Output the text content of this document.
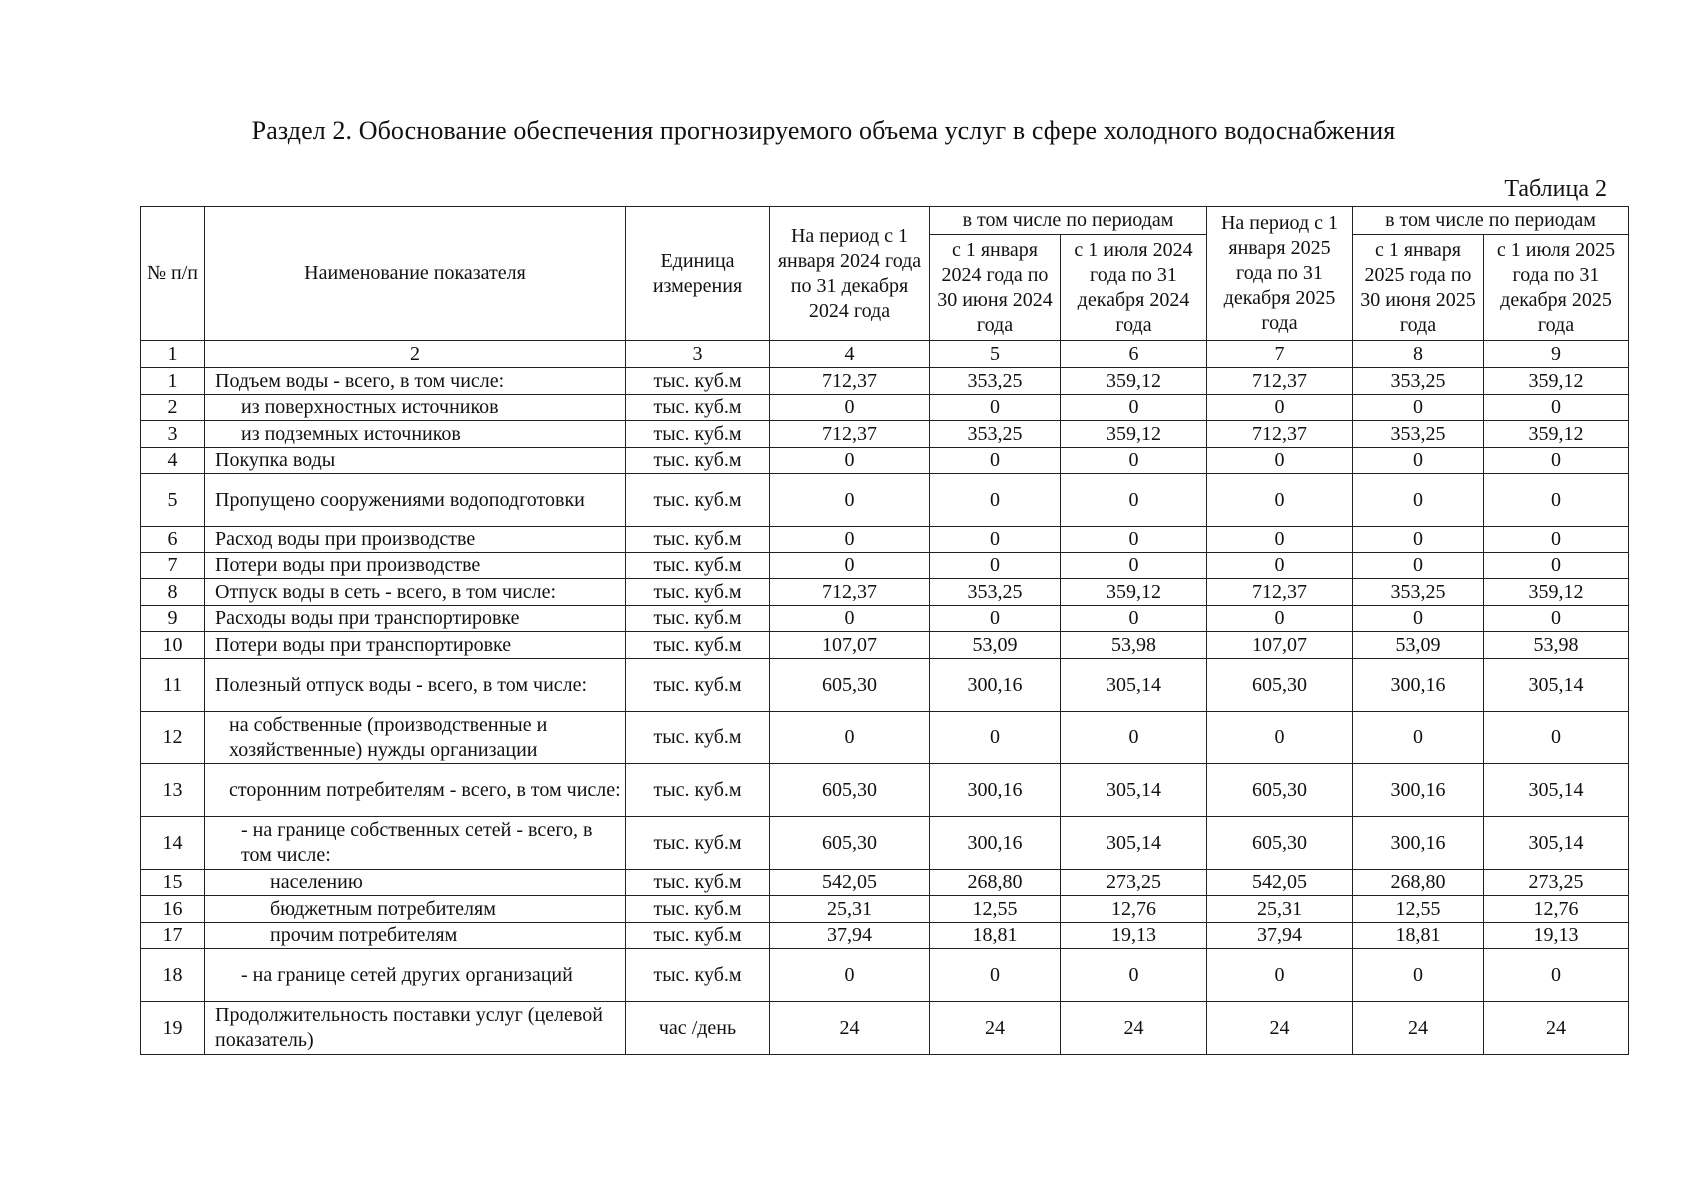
Раздел 2. Обоснование обеспечения прогнозируемого объема услуг в сфере холодного водоснабжения
Таблица 2
№ п/п	Наименование показателя	Единица измерения	На период с 1 января 2024 года по 31 декабря 2024 года	в том числе по периодам		На период с 1 января 2025 года по 31 декабря 2025 года	в том числе по периодам	
				с 1 января 2024 года по 30 июня 2024 года	с 1 июля 2024 года по 31 декабря 2024 года		с 1 января 2025 года по 30 июня 2025 года	с 1 июля 2025 года по 31 декабря 2025 года
1	2	3	4	5	6	7	8	9
1	Подъем воды - всего, в том числе:	тыс. куб.м	712,37	353,25	359,12	712,37	353,25	359,12
2	из поверхностных источников	тыс. куб.м	0	0	0	0	0	0
3	из подземных источников	тыс. куб.м	712,37	353,25	359,12	712,37	353,25	359,12
4	Покупка воды	тыс. куб.м	0	0	0	0	0	0
5	Пропущено сооружениями водоподготовки	тыс. куб.м	0	0	0	0	0	0
6	Расход воды при производстве	тыс. куб.м	0	0	0	0	0	0
7	Потери воды при производстве	тыс. куб.м	0	0	0	0	0	0
8	Отпуск воды в сеть - всего, в том числе:	тыс. куб.м	712,37	353,25	359,12	712,37	353,25	359,12
9	Расходы воды при транспортировке	тыс. куб.м	0	0	0	0	0	0
10	Потери воды при транспортировке	тыс. куб.м	107,07	53,09	53,98	107,07	53,09	53,98
11	Полезный отпуск воды - всего, в том числе:	тыс. куб.м	605,30	300,16	305,14	605,30	300,16	305,14
12	на собственные (производственные и хозяйственные) нужды организации	тыс. куб.м	0	0	0	0	0	0
13	сторонним потребителям - всего, в том числе:	тыс. куб.м	605,30	300,16	305,14	605,30	300,16	305,14
14	- на границе собственных сетей - всего, в том числе:	тыс. куб.м	605,30	300,16	305,14	605,30	300,16	305,14
15	населению	тыс. куб.м	542,05	268,80	273,25	542,05	268,80	273,25
16	бюджетным потребителям	тыс. куб.м	25,31	12,55	12,76	25,31	12,55	12,76
17	прочим потребителям	тыс. куб.м	37,94	18,81	19,13	37,94	18,81	19,13
18	- на границе сетей других организаций	тыс. куб.м	0	0	0	0	0	0
19	Продолжительность поставки услуг (целевой показатель)	час /день	24	24	24	24	24	24
